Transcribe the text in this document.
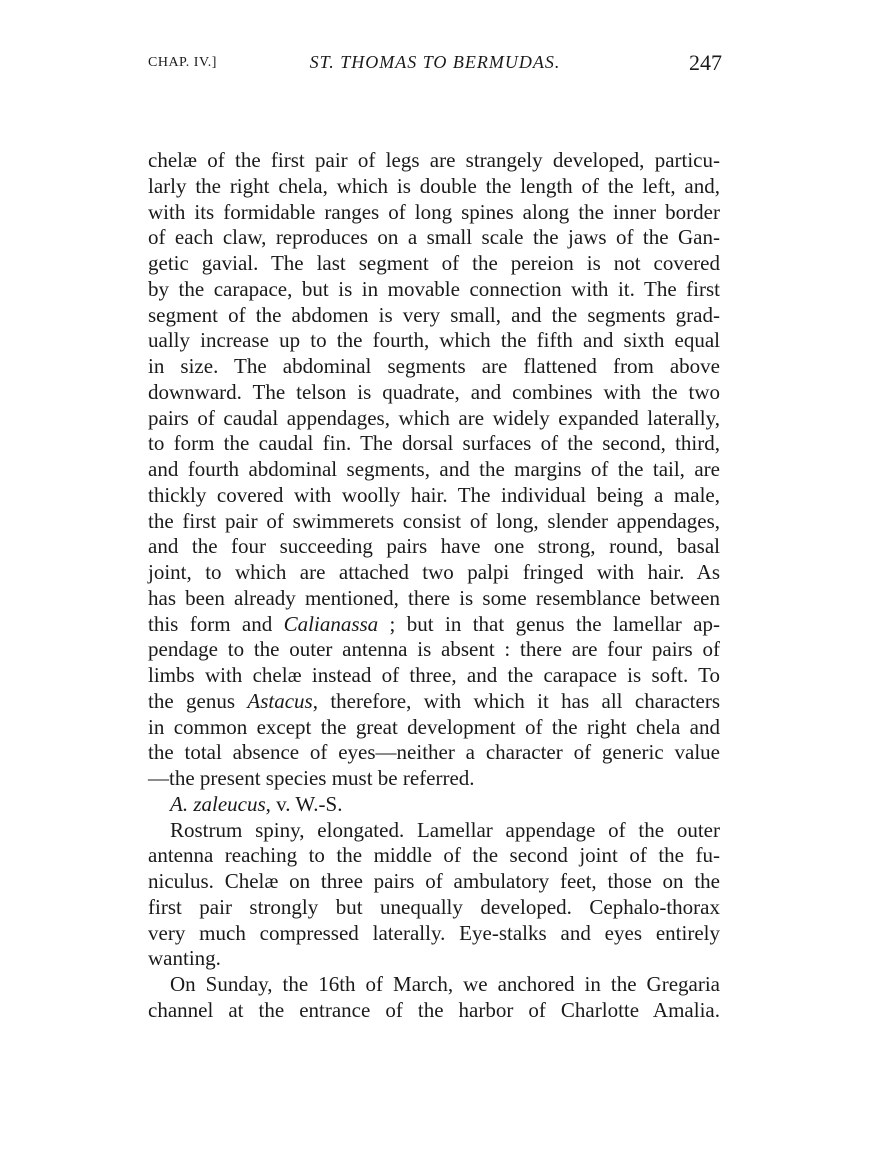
CHAP. IV.]	ST. THOMAS TO BERMUDAS.	247
chelæ of the first pair of legs are strangely developed, particu-
larly the right chela, which is double the length of the left, and,
with its formidable ranges of long spines along the inner border
of each claw, reproduces on a small scale the jaws of the Gan-
getic gavial. The last segment of the pereion is not covered
by the carapace, but is in movable connection with it. The first
segment of the abdomen is very small, and the segments grad-
ually increase up to the fourth, which the fifth and sixth equal
in size. The abdominal segments are flattened from above
downward. The telson is quadrate, and combines with the two
pairs of caudal appendages, which are widely expanded laterally,
to form the caudal fin. The dorsal surfaces of the second, third,
and fourth abdominal segments, and the margins of the tail, are
thickly covered with woolly hair. The individual being a male,
the first pair of swimmerets consist of long, slender appendages,
and the four succeeding pairs have one strong, round, basal
joint, to which are attached two palpi fringed with hair. As
has been already mentioned, there is some resemblance between
this form and Calianassa ; but in that genus the lamellar ap-
pendage to the outer antenna is absent : there are four pairs of
limbs with chelæ instead of three, and the carapace is soft. To
the genus Astacus, therefore, with which it has all characters
in common except the great development of the right chela and
the total absence of eyes—neither a character of generic value
—the present species must be referred.
A. zaleucus, v. W.-S.
Rostrum spiny, elongated. Lamellar appendage of the outer
antenna reaching to the middle of the second joint of the fu-
niculus. Chelæ on three pairs of ambulatory feet, those on the
first pair strongly but unequally developed. Cephalo-thorax
very much compressed laterally. Eye-stalks and eyes entirely
wanting.
On Sunday, the 16th of March, we anchored in the Gregaria
channel at the entrance of the harbor of Charlotte Amalia.
